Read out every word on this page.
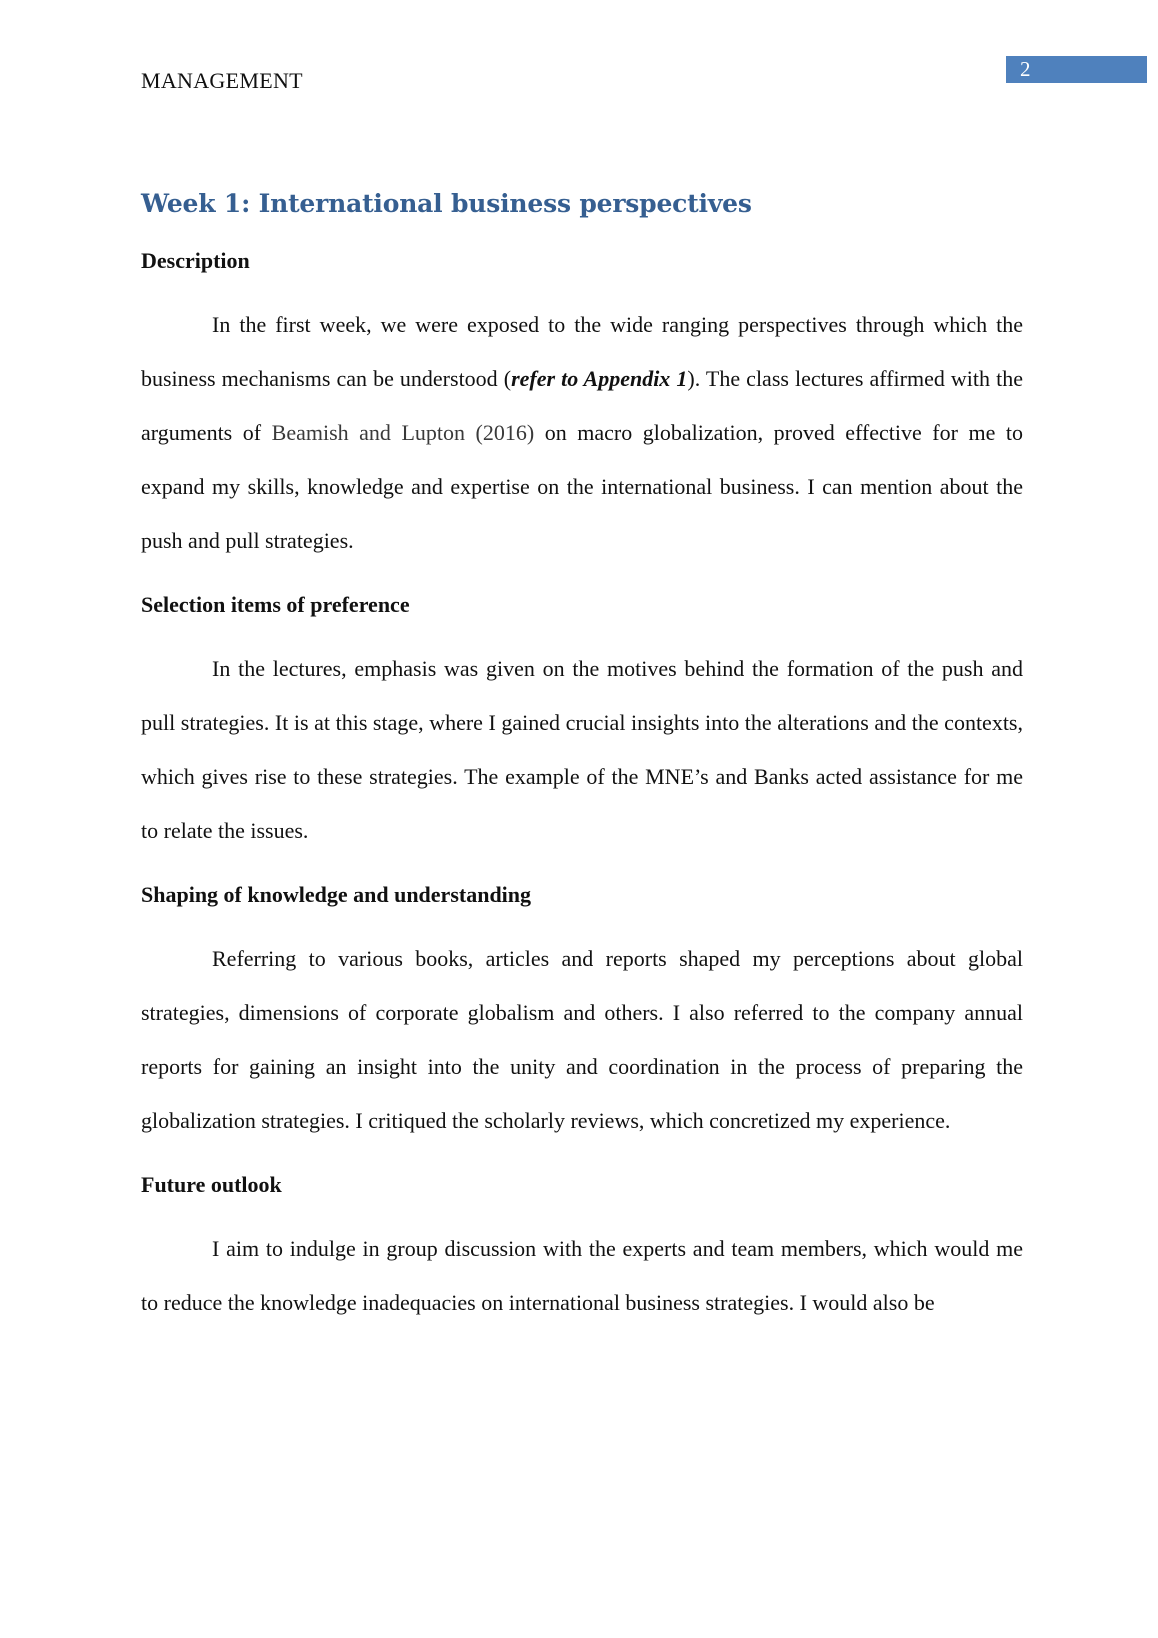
MANAGEMENT	2
Week 1: International business perspectives
Description

In the first week, we were exposed to the wide ranging perspectives through which the business mechanisms can be understood (refer to Appendix 1). The class lectures affirmed with the arguments of Beamish and Lupton (2016) on macro globalization, proved effective for me to expand my skills, knowledge and expertise on the international business. I can mention about the push and pull strategies.

Selection items of preference

In the lectures, emphasis was given on the motives behind the formation of the push and pull strategies. It is at this stage, where I gained crucial insights into the alterations and the contexts, which gives rise to these strategies. The example of the MNE’s and Banks acted assistance for me to relate the issues.

Shaping of knowledge and understanding

Referring to various books, articles and reports shaped my perceptions about global strategies, dimensions of corporate globalism and others. I also referred to the company annual reports for gaining an insight into the unity and coordination in the process of preparing the globalization strategies. I critiqued the scholarly reviews, which concretized my experience.

Future outlook

I aim to indulge in group discussion with the experts and team members, which would me to reduce the knowledge inadequacies on international business strategies. I would also be
